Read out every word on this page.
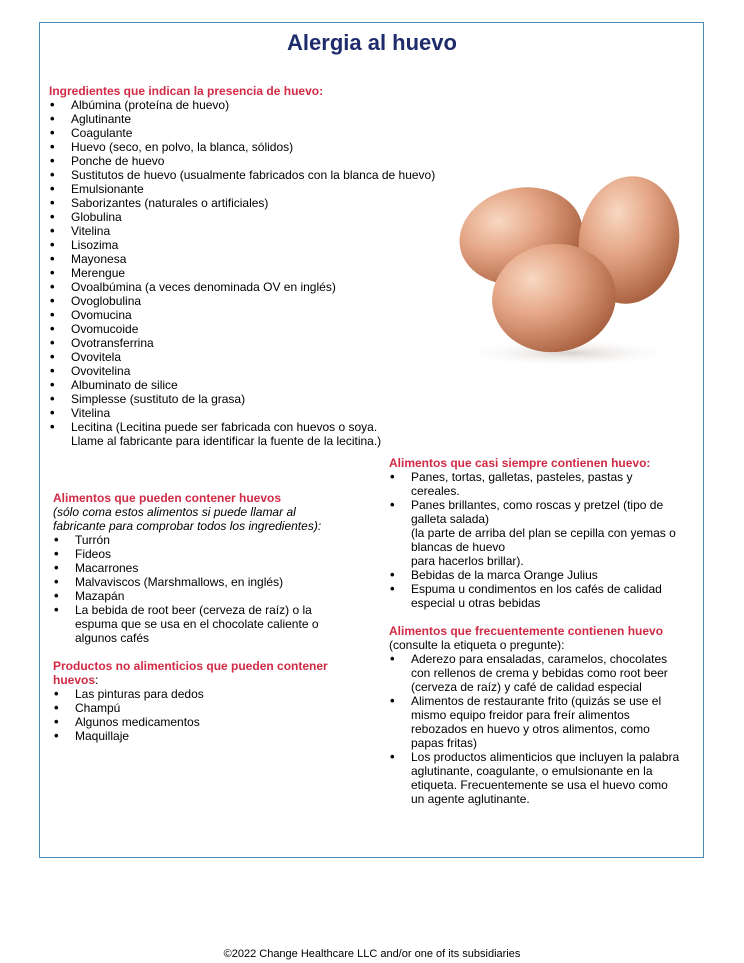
Alergia al huevo
Ingredientes que indican la presencia de huevo:
• Albúmina (proteína de huevo)
• Aglutinante
• Coagulante
• Huevo (seco, en polvo, la blanca, sólidos)
• Ponche de huevo
• Sustitutos de huevo (usualmente fabricados con la blanca de huevo)
• Emulsionante
• Saborizantes (naturales o artificiales)
• Globulina
• Vitelina
• Lisozima
• Mayonesa
• Merengue
• Ovoalbúmina (a veces denominada OV en inglés)
• Ovoglobulina
• Ovomucina
• Ovomucoide
• Ovotransferrina
• Ovovitela
• Ovovitelina
• Albuminato de silice
• Simplesse (sustituto de la grasa)
• Vitelina
• Lecitina (Lecitina puede ser fabricada con huevos o soya.
Llame al fabricante para identificar la fuente de la lecitina.)
Alimentos que pueden contener huevos
(sólo coma estos alimentos si puede llamar al
fabricante para comprobar todos los ingredientes):
• Turrón
• Fideos
• Macarrones
• Malvaviscos (Marshmallows, en inglés)
• Mazapán
• La bebida de root beer (cerveza de raíz) o la
espuma que se usa en el chocolate caliente o
algunos cafés
Productos no alimenticios que pueden contener
huevos:
• Las pinturas para dedos
• Champú
• Algunos medicamentos
• Maquillaje
Alimentos que casi siempre contienen huevo:
• Panes, tortas, galletas, pasteles, pastas y
cereales.
• Panes brillantes, como roscas y pretzel (tipo de
galleta salada)
(la parte de arriba del plan se cepilla con yemas o
blancas de huevo
para hacerlos brillar).
• Bebidas de la marca Orange Julius
• Espuma u condimentos en los cafés de calidad
especial u otras bebidas
Alimentos que frecuentemente contienen huevo
(consulte la etiqueta o pregunte):
• Aderezo para ensaladas, caramelos, chocolates
con rellenos de crema y bebidas como root beer
(cerveza de raíz) y café de calidad especial
• Alimentos de restaurante frito (quizás se use el
mismo equipo freidor para freír alimentos
rebozados en huevo y otros alimentos, como
papas fritas)
• Los productos alimenticios que incluyen la palabra
aglutinante, coagulante, o emulsionante en la
etiqueta. Frecuentemente se usa el huevo como
un agente aglutinante.
©2022 Change Healthcare LLC and/or one of its subsidiaries
